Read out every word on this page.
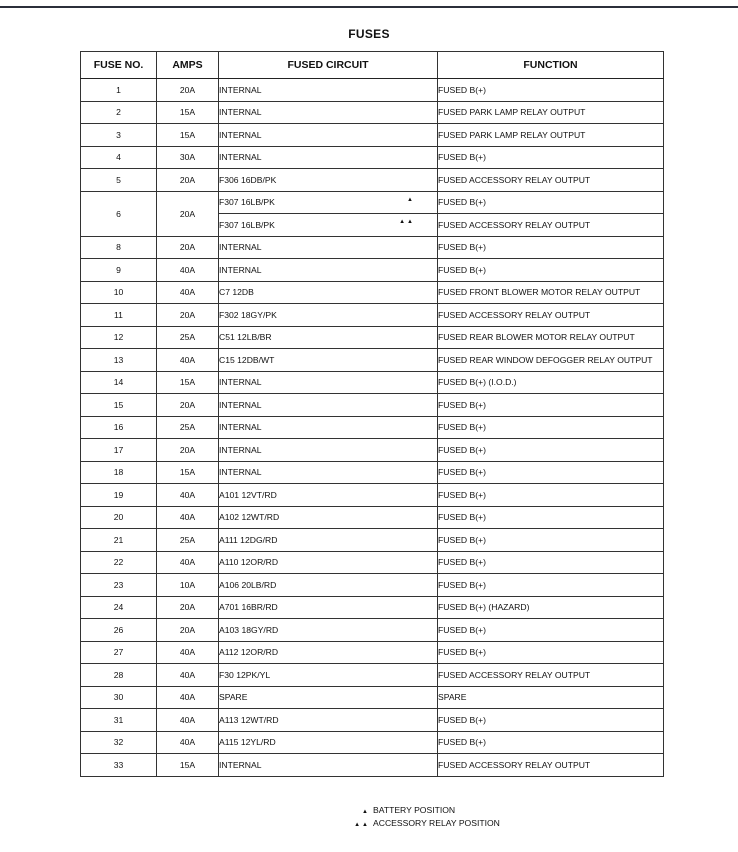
FUSES
FUSE NO.	AMPS	FUSED CIRCUIT	FUNCTION
1	20A	INTERNAL	FUSED B(+)
2	15A	INTERNAL	FUSED PARK LAMP RELAY OUTPUT
3	15A	INTERNAL	FUSED PARK LAMP RELAY OUTPUT
4	30A	INTERNAL	FUSED B(+)
5	20A	F306 16DB/PK	FUSED ACCESSORY RELAY OUTPUT
6	20A	F307 16LB/PK ▲	FUSED B(+)
		F307 16LB/PK ▲▲	FUSED ACCESSORY RELAY OUTPUT
8	20A	INTERNAL	FUSED B(+)
9	40A	INTERNAL	FUSED B(+)
10	40A	C7 12DB	FUSED FRONT BLOWER MOTOR RELAY OUTPUT
11	20A	F302 18GY/PK	FUSED ACCESSORY RELAY OUTPUT
12	25A	C51 12LB/BR	FUSED REAR BLOWER MOTOR RELAY OUTPUT
13	40A	C15 12DB/WT	FUSED REAR WINDOW DEFOGGER RELAY OUTPUT
14	15A	INTERNAL	FUSED B(+) (I.O.D.)
15	20A	INTERNAL	FUSED B(+)
16	25A	INTERNAL	FUSED B(+)
17	20A	INTERNAL	FUSED B(+)
18	15A	INTERNAL	FUSED B(+)
19	40A	A101 12VT/RD	FUSED B(+)
20	40A	A102 12WT/RD	FUSED B(+)
21	25A	A111 12DG/RD	FUSED B(+)
22	40A	A110 12OR/RD	FUSED B(+)
23	10A	A106 20LB/RD	FUSED B(+)
24	20A	A701 16BR/RD	FUSED B(+) (HAZARD)
26	20A	A103 18GY/RD	FUSED B(+)
27	40A	A112 12OR/RD	FUSED B(+)
28	40A	F30 12PK/YL	FUSED ACCESSORY RELAY OUTPUT
30	40A	SPARE	SPARE
31	40A	A113 12WT/RD	FUSED B(+)
32	40A	A115 12YL/RD	FUSED B(+)
33	15A	INTERNAL	FUSED ACCESSORY RELAY OUTPUT
▲ BATTERY POSITION
▲▲ ACCESSORY RELAY POSITION
